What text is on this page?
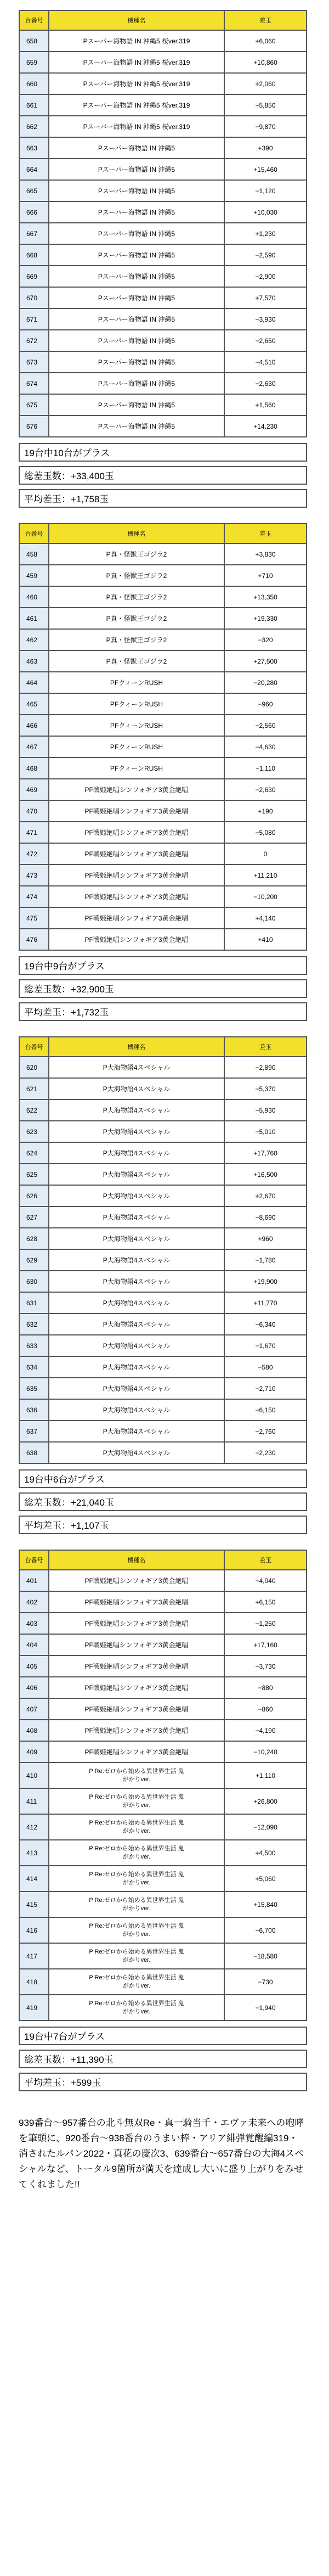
台番号	機種名	差玉
658	Pスーパー海物語 IN 沖縄5 桜ver.319	+6,060
659	Pスーパー海物語 IN 沖縄5 桜ver.319	+10,860
660	Pスーパー海物語 IN 沖縄5 桜ver.319	+2,060
661	Pスーパー海物語 IN 沖縄5 桜ver.319	−5,850
662	Pスーパー海物語 IN 沖縄5 桜ver.319	−9,870
663	Pスーパー海物語 IN 沖縄5	+390
664	Pスーパー海物語 IN 沖縄5	+15,460
665	Pスーパー海物語 IN 沖縄5	−1,120
666	Pスーパー海物語 IN 沖縄5	+10,030
667	Pスーパー海物語 IN 沖縄5	+1,230
668	Pスーパー海物語 IN 沖縄5	−2,590
669	Pスーパー海物語 IN 沖縄5	−2,900
670	Pスーパー海物語 IN 沖縄5	+7,570
671	Pスーパー海物語 IN 沖縄5	−3,930
672	Pスーパー海物語 IN 沖縄5	−2,650
673	Pスーパー海物語 IN 沖縄5	−4,510
674	Pスーパー海物語 IN 沖縄5	−2,630
675	Pスーパー海物語 IN 沖縄5	+1,560
676	Pスーパー海物語 IN 沖縄5	+14,230
19台中10台がプラス
総差玉数：+33,400玉
平均差玉：+1,758玉
台番号	機種名	差玉
458	P真・怪獣王ゴジラ2	+3,830
459	P真・怪獣王ゴジラ2	+710
460	P真・怪獣王ゴジラ2	+13,350
461	P真・怪獣王ゴジラ2	+19,330
462	P真・怪獣王ゴジラ2	−320
463	P真・怪獣王ゴジラ2	+27,500
464	PFクィーンRUSH	−20,280
465	PFクィーンRUSH	−960
466	PFクィーンRUSH	−2,560
467	PFクィーンRUSH	−4,630
468	PFクィーンRUSH	−1,110
469	PF戦姫絶唱シンフォギア3黄金絶唱	−2,630
470	PF戦姫絶唱シンフォギア3黄金絶唱	+190
471	PF戦姫絶唱シンフォギア3黄金絶唱	−5,080
472	PF戦姫絶唱シンフォギア3黄金絶唱	0
473	PF戦姫絶唱シンフォギア3黄金絶唱	+11,210
474	PF戦姫絶唱シンフォギア3黄金絶唱	−10,200
475	PF戦姫絶唱シンフォギア3黄金絶唱	+4,140
476	PF戦姫絶唱シンフォギア3黄金絶唱	+410
19台中9台がプラス
総差玉数：+32,900玉
平均差玉：+1,732玉
台番号	機種名	差玉
620	P大海物語4スペシャル	−2,890
621	P大海物語4スペシャル	−5,370
622	P大海物語4スペシャル	−5,930
623	P大海物語4スペシャル	−5,010
624	P大海物語4スペシャル	+17,760
625	P大海物語4スペシャル	+16,500
626	P大海物語4スペシャル	+2,670
627	P大海物語4スペシャル	−8,690
628	P大海物語4スペシャル	+960
629	P大海物語4スペシャル	−1,780
630	P大海物語4スペシャル	+19,900
631	P大海物語4スペシャル	+11,770
632	P大海物語4スペシャル	−6,340
633	P大海物語4スペシャル	−1,670
634	P大海物語4スペシャル	−580
635	P大海物語4スペシャル	−2,710
636	P大海物語4スペシャル	−6,150
637	P大海物語4スペシャル	−2,760
638	P大海物語4スペシャル	−2,230
19台中6台がプラス
総差玉数：+21,040玉
平均差玉：+1,107玉
台番号	機種名	差玉
401	PF戦姫絶唱シンフォギア3黄金絶唱	−4,040
402	PF戦姫絶唱シンフォギア3黄金絶唱	+6,150
403	PF戦姫絶唱シンフォギア3黄金絶唱	−1,250
404	PF戦姫絶唱シンフォギア3黄金絶唱	+17,160
405	PF戦姫絶唱シンフォギア3黄金絶唱	−3,730
406	PF戦姫絶唱シンフォギア3黄金絶唱	−880
407	PF戦姫絶唱シンフォギア3黄金絶唱	−860
408	PF戦姫絶唱シンフォギア3黄金絶唱	−4,190
409	PF戦姫絶唱シンフォギア3黄金絶唱	−10,240
410	P Re:ゼロから始める異世界生活 鬼がかりver.	+1,110
411	P Re:ゼロから始める異世界生活 鬼がかりver.	+26,800
412	P Re:ゼロから始める異世界生活 鬼がかりver.	−12,090
413	P Re:ゼロから始める異世界生活 鬼がかりver.	+4,500
414	P Re:ゼロから始める異世界生活 鬼がかりver.	+5,060
415	P Re:ゼロから始める異世界生活 鬼がかりver.	+15,840
416	P Re:ゼロから始める異世界生活 鬼がかりver.	−6,700
417	P Re:ゼロから始める異世界生活 鬼がかりver.	−18,580
418	P Re:ゼロから始める異世界生活 鬼がかりver.	−730
419	P Re:ゼロから始める異世界生活 鬼がかりver.	−1,940
19台中7台がプラス
総差玉数：+11,390玉
平均差玉：+599玉
939番台〜957番台の北斗無双Re・真一騎当千・エヴァ未来への咆哮を筆頭に、920番台〜938番台のうまい棒・アリア緋弾覚醒編319・消されたルパン2022・真花の慶次3、639番台〜657番台の大海4スペシャルなど、トータル9箇所が満天を達成し大いに盛り上がりをみせてくれました!!
